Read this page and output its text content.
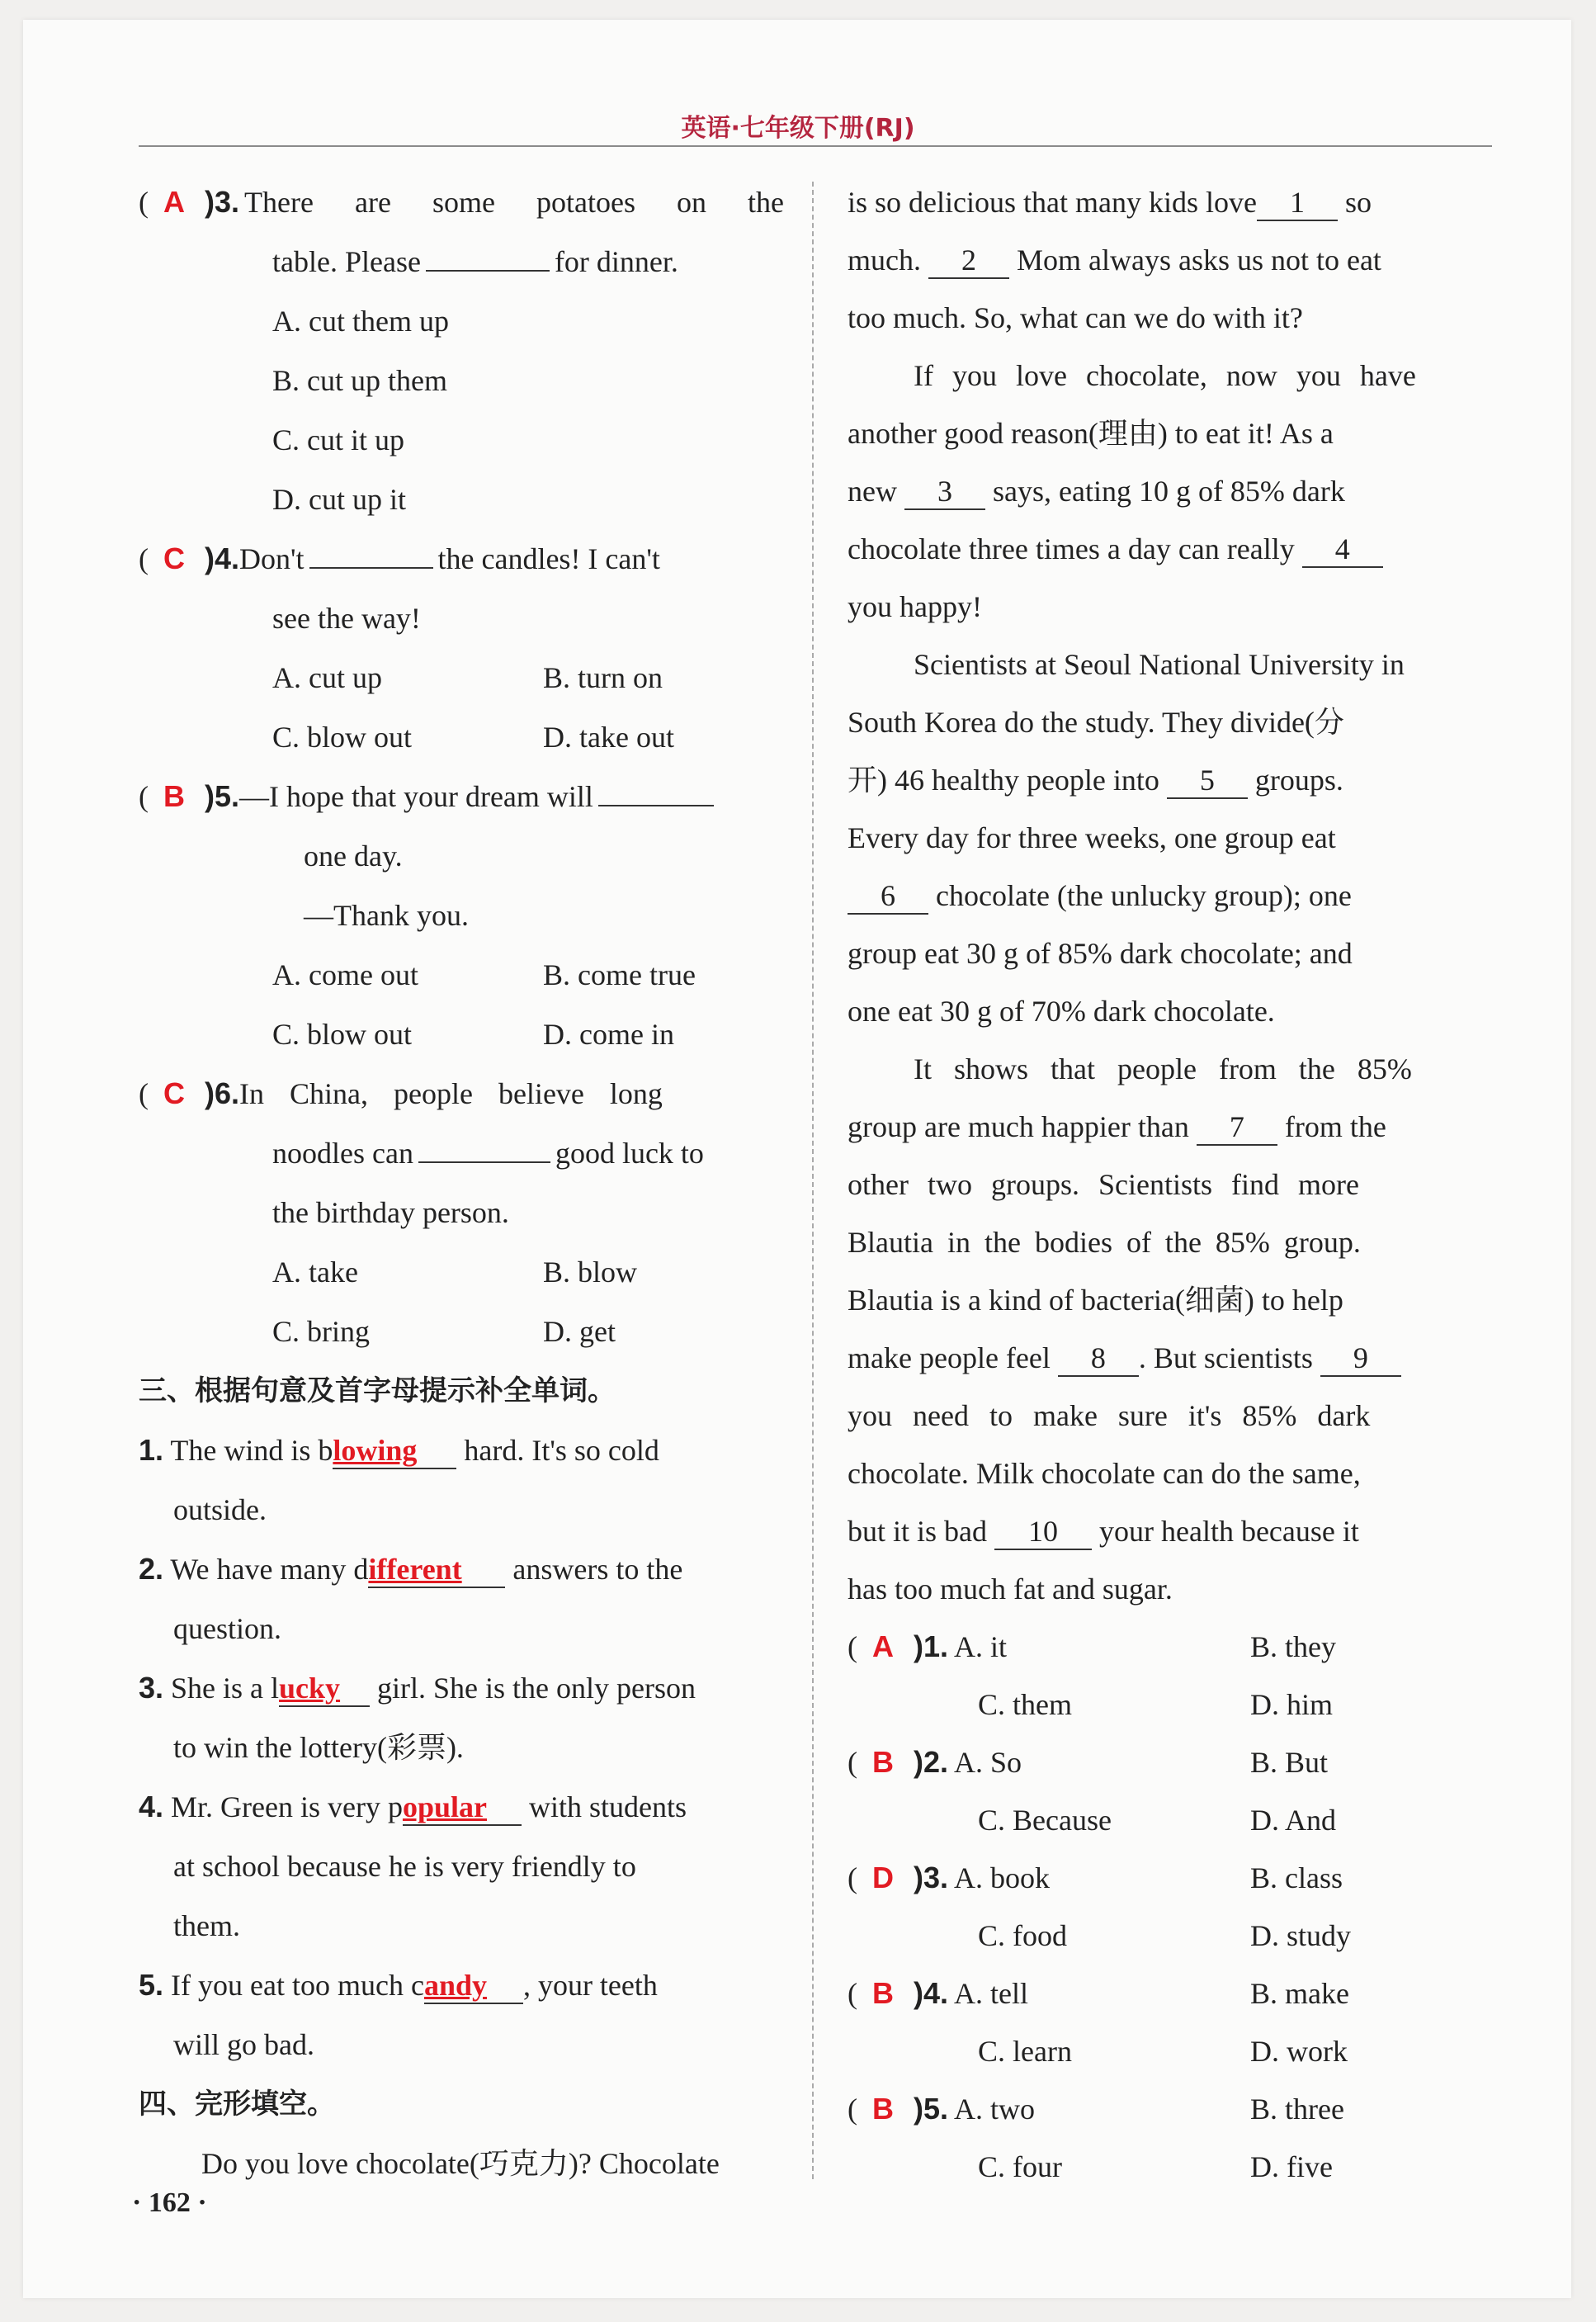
英语·七年级下册(RJ)
( A )3. There are some potatoes on the
table. Please	for dinner.
A. cut them up
B. cut up them
C. cut it up
D. cut up it
( C )4.Don't	the candles! I can't
see the way!
A. cut up	B. turn on
C. blow out	D. take out
( B )5.—I hope that your dream will
one day.
—Thank you.
A. come out	B. come true
C. blow out	D. come in
( C )6.In China, people believe long
noodles can	good luck to
the birthday person.
A. take	B. blow
C. bring	D. get
三、根据句意及首字母提示补全单词。
1. The wind is blowing hard. It's so cold
outside.
2. We have many different answers to the
question.
3. She is a lucky girl. She is the only person
to win the lottery(彩票).
4. Mr. Green is very popular with students
at school because he is very friendly to
them.
5. If you eat too much candy , your teeth
will go bad.
四、完形填空。
Do you love chocolate(巧克力)? Chocolate
is so delicious that many kids love 1 so
much. 2 Mom always asks us not to eat
too much. So, what can we do with it?
If you love chocolate, now you have
another good reason(理由) to eat it! As a
new 3 says, eating 10 g of 85% dark
chocolate three times a day can really 4
you happy!
Scientists at Seoul National University in
South Korea do the study. They divide(分
开) 46 healthy people into 5 groups.
Every day for three weeks, one group eat
6 chocolate (the unlucky group); one
group eat 30 g of 85% dark chocolate; and
one eat 30 g of 70% dark chocolate.
It shows that people from the 85%
group are much happier than 7 from the
other two groups. Scientists find more
Blautia in the bodies of the 85% group.
Blautia is a kind of bacteria(细菌) to help
make people feel 8 . But scientists 9
you need to make sure it's 85% dark
chocolate. Milk chocolate can do the same,
but it is bad 10 your health because it
has too much fat and sugar.
( A )1. A. it	B. they
C. them	D. him
( B )2. A. So	B. But
C. Because	D. And
( D )3. A. book	B. class
C. food	D. study
( B )4. A. tell	B. make
C. learn	D. work
( B )5. A. two	B. three
C. four	D. five
· 162 ·
